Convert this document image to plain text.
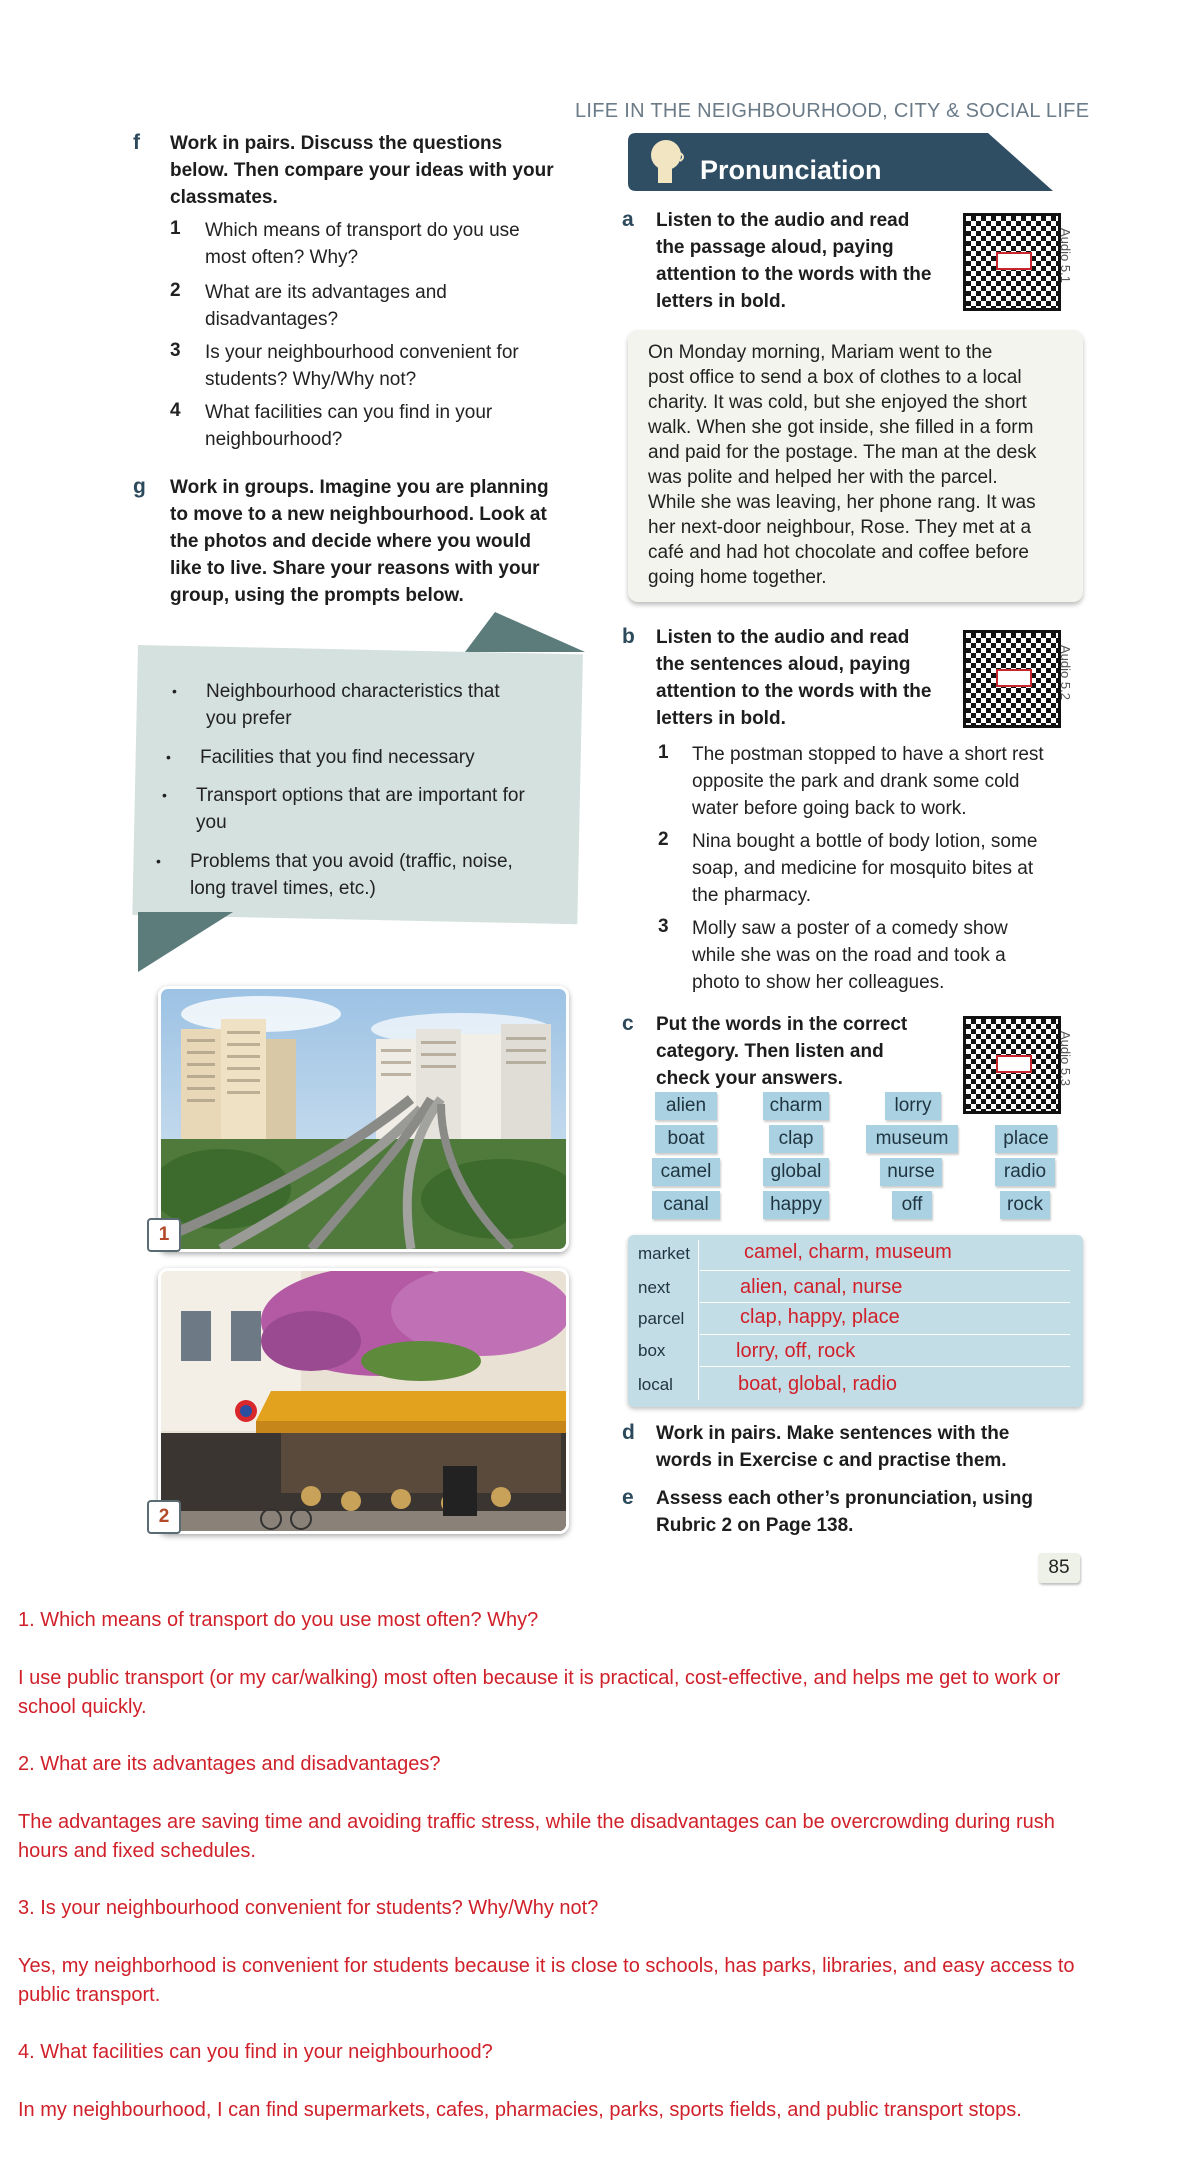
LIFE IN THE NEIGHBOURHOOD, CITY & SOCIAL LIFE
f Work in pairs. Discuss the questions
below. Then compare your ideas with your
classmates.
1 Which means of transport do you use
most often? Why?
2 What are its advantages and
disadvantages?
3 Is your neighbourhood convenient for
students? Why/Why not?
4 What facilities can you find in your
neighbourhood?
g Work in groups. Imagine you are planning
to move to a new neighbourhood. Look at
the photos and decide where you would
like to live. Share your reasons with your
group, using the prompts below.
• Neighbourhood characteristics that
you prefer
• Facilities that you find necessary
• Transport options that are important for
you
• Problems that you avoid (traffic, noise,
long travel times, etc.)
1
2
Pronunciation
a Listen to the audio and read
the passage aloud, paying
attention to the words with the
letters in bold.
Audio 5.1
On Monday morning, Mariam went to the
post office to send a box of clothes to a local
charity. It was cold, but she enjoyed the short
walk. When she got inside, she filled in a form
and paid for the postage. The man at the desk
was polite and helped her with the parcel.
While she was leaving, her phone rang. It was
her next-door neighbour, Rose. They met at a
café and had hot chocolate and coffee before
going home together.
b Listen to the audio and read
the sentences aloud, paying
attention to the words with the
letters in bold.
Audio 5.2
1 The postman stopped to have a short rest
opposite the park and drank some cold
water before going back to work.
2 Nina bought a bottle of body lotion, some
soap, and medicine for mosquito bites at
the pharmacy.
3 Molly saw a poster of a comedy show
while she was on the road and took a
photo to show her colleagues.
c Put the words in the correct
category. Then listen and
check your answers.	Audio 5.3
alien	charm	lorry
boat	clap	museum	place
camel	global	nurse	radio
canal	happy	off	rock
market	camel, charm, museum
next	alien, canal, nurse
parcel	clap, happy, place
box	lorry, off, rock
local	boat, global, radio
d Work in pairs. Make sentences with the
words in Exercise c and practise them.
e Assess each other’s pronunciation, using
Rubric 2 on Page 138.
85
1. Which means of transport do you use most often? Why?
I use public transport (or my car/walking) most often because it is practical, cost-effective, and helps me get to work or
school quickly.
2. What are its advantages and disadvantages?
The advantages are saving time and avoiding traffic stress, while the disadvantages can be overcrowding during rush
hours and fixed schedules.
3. Is your neighbourhood convenient for students? Why/Why not?
Yes, my neighborhood is convenient for students because it is close to schools, has parks, libraries, and easy access to
public transport.
4. What facilities can you find in your neighbourhood?
In my neighbourhood, I can find supermarkets, cafes, pharmacies, parks, sports fields, and public transport stops.
